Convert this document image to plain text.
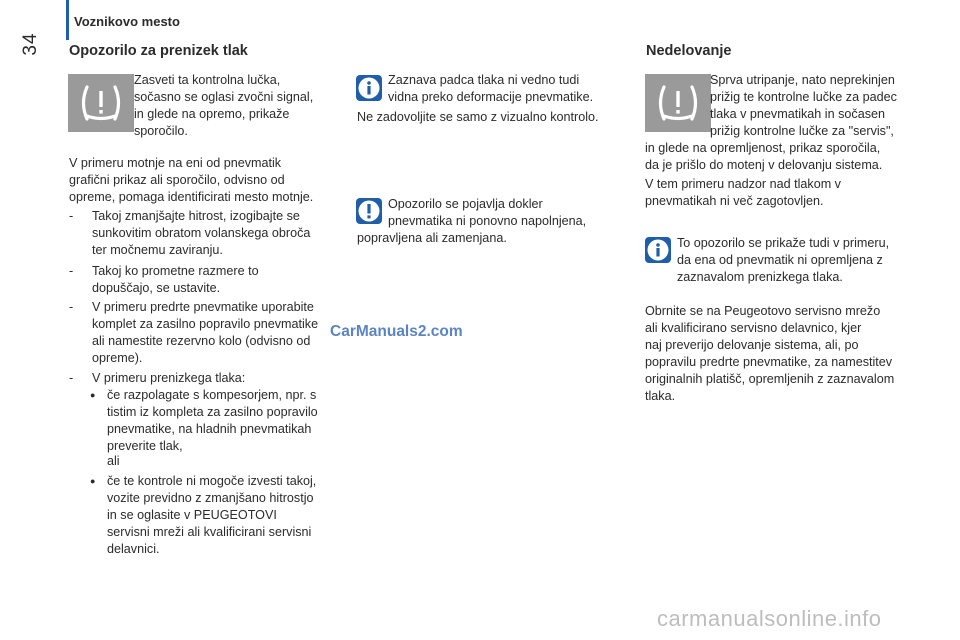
34
Voznikovo mesto
Opozorilo za prenizek tlak

Zasveti ta kontrolna lučka,

sočasno se oglasi zvočni signal,

in glede na opremo, prikaže

sporočilo.

V primeru motnje na eni od pnevmatik

grafični prikaz ali sporočilo, odvisno od

opreme, pomaga identificirati mesto motnje.

- Takoj zmanjšajte hitrost, izogibajte se

sunkovitim obratom volanskega obroča

ter močnemu zaviranju.

- Takoj ko prometne razmere to

dopuščajo, se ustavite.

- V primeru predrte pnevmatike uporabite

komplet za zasilno popravilo pnevmatike

ali namestite rezervno kolo (odvisno od

opreme).

- V primeru prenizkega tlaka:

● če razpolagate s kompesorjem, npr. s

tistim iz kompleta za zasilno popravilo

pnevmatike, na hladnih pnevmatikah

preverite tlak,

ali

● če te kontrole ni mogoče izvesti takoj,

vozite previdno z zmanjšano hitrostjo

in se oglasite v PEUGEOTOVI

servisni mreži ali kvalificirani servisni

delavnici.

Zaznava padca tlaka ni vedno tudi

vidna preko deformacije pnevmatike.

Ne zadovoljite se samo z vizualno kontrolo.

Opozorilo se pojavlja dokler

pnevmatika ni ponovno napolnjena,

popravljena ali zamenjana.

Nedelovanje

Sprva utripanje, nato neprekinjen

prižig te kontrolne lučke za padec

tlaka v pnevmatikah in sočasen

prižig kontrolne lučke za "servis",

in glede na opremljenost, prikaz sporočila,

da je prišlo do motenj v delovanju sistema.

V tem primeru nadzor nad tlakom v

pnevmatikah ni več zagotovljen.

To opozorilo se prikaže tudi v primeru,

da ena od pnevmatik ni opremljena z

zaznavalom prenizkega tlaka.

Obrnite se na Peugeotovo servisno mrežo

ali kvalificirano servisno delavnico, kjer

naj preverijo delovanje sistema, ali, po

popravilu predrte pnevmatike, za namestitev

originalnih platišč, opremljenih z zaznavalom

tlaka.

CarManuals2.com
carmanualsonline.info
